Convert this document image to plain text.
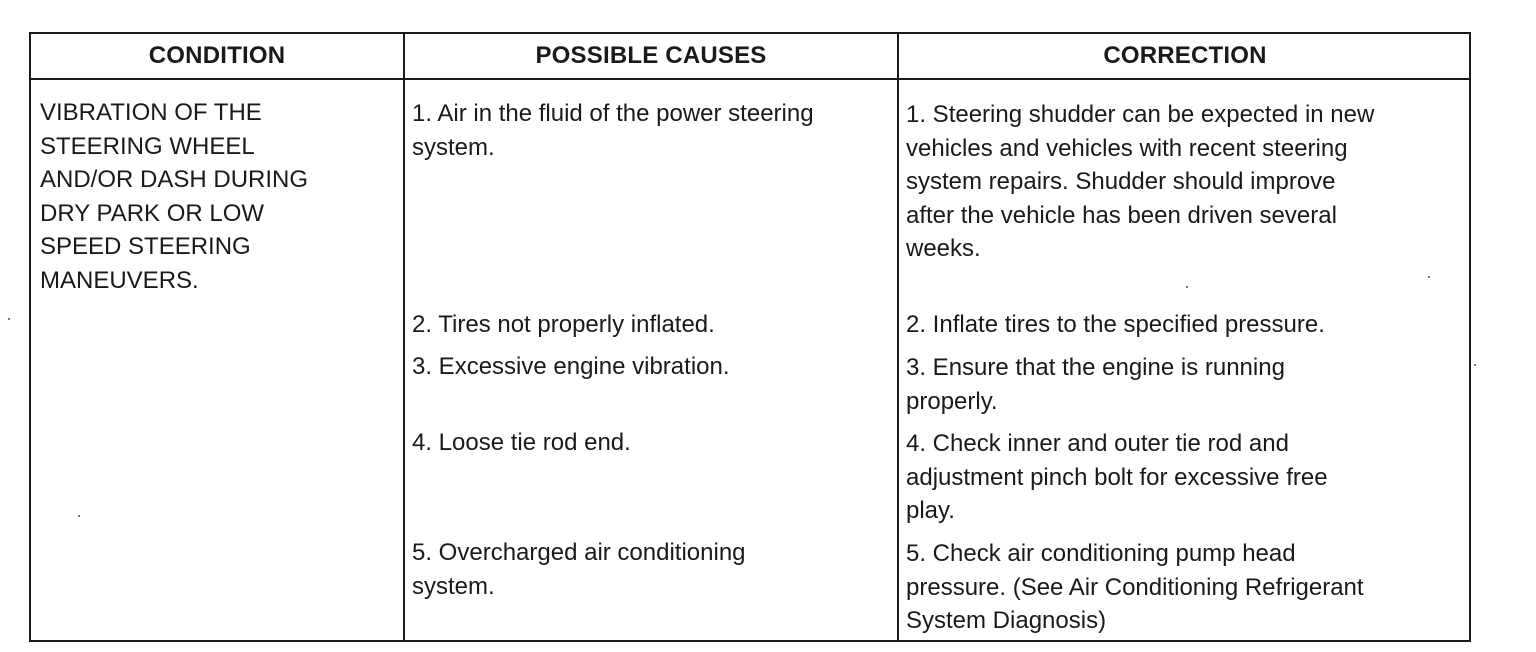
CONDITION	POSSIBLE CAUSES	CORRECTION
VIBRATION OF THE
STEERING WHEEL
AND/OR DASH DURING
DRY PARK OR LOW
SPEED STEERING
MANEUVERS.
1. Air in the fluid of the power steering
system.
2. Tires not properly inflated.
3. Excessive engine vibration.
4. Loose tie rod end.
5. Overcharged air conditioning
system.
1. Steering shudder can be expected in new
vehicles and vehicles with recent steering
system repairs. Shudder should improve
after the vehicle has been driven several
weeks.
2. Inflate tires to the specified pressure.
3. Ensure that the engine is running
properly.
4. Check inner and outer tie rod and
adjustment pinch bolt for excessive free
play.
5. Check air conditioning pump head
pressure. (See Air Conditioning Refrigerant
System Diagnosis)
